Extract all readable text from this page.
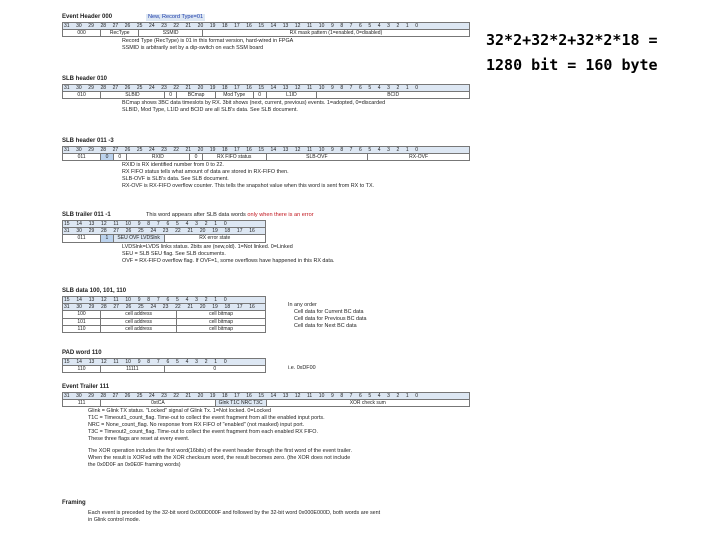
32*2+32*2+32*2*18 =
1280 bit = 160 byte
Event Header 000	New, Record Type=01
31 30 29 28 27 26 25 24 23 22 21 20 19 18 17 16 15 14 13 12 11 10 9 8 7 6 5 4 3 2 1 0
000	RecType	SSMID	RX mask pattern (1=enabled, 0=disabled)
Record Type (RecType) is 01 in this format version, hard-wired in FPGA
SSMID is arbitrarily set by a dip-switch on each SSM board
SLB header 010
31 30 29 28 27 26 25 24 23 22 21 20 19 18 17 16 15 14 13 12 11 10 9 8 7 6 5 4 3 2 1 0
010	SLBID	0	BCmap	Mod Type	0	L1ID	BCID
BCmap shows 3BC data timeslots by RX. 3bit shows (next, current, previous) events. 1=adopted, 0=discarded
SLBID, Mod Type, L1ID and BCID are all SLB's data. See SLB document.
SLB header 011 -3
31 30 29 28 27 26 25 24 23 22 21 20 19 18 17 16 15 14 13 12 11 10 9 8 7 6 5 4 3 2 1 0
011	0	0	RXID	0	RX FIFO status	SLB-OVF	RX-OVF
RXID is RX identified number from 0 to 22.
RX FIFO status tells what amount of data are stored in RX-FIFO then.
SLB-OVF is SLB's data. See SLB document.
RX-OVF is RX-FIFO overflow counter. This tells the snapshot value when this word is sent from RX to TX.
SLB trailer 011 -1	This word appears after SLB data words only when there is an error
15 14 13 12 11 10 9 8 7 6 5 4 3 2 1 0
31 30 29 28 27 26 25 24 23 22 21 20 19 18 17 16
011	1	SEU OVF LVDSlnk	RX error state
LVDSlnk=LVDS links status. 2bits are (new,old). 1=Not linked. 0=Linked
SEU = SLB SEU flag. See SLB documents.
OVF = RX-FIFO overflow flag. If OVF=1, some overflows have happened in this RX data.
SLB data 100, 101, 110
15 14 13 12 11 10 9 8 7 6 5 4 3 2 1 0		
31 30 29 28 27 26 25 24 23 22 21 20 19 18 17 16		
100	cell address	cell bitmap
101	cell address	cell bitmap
110	cell address	cell bitmap
In any order
Cell data for Current BC data
Cell data for Previous BC data
Cell data for Next BC data
PAD word 110
15 14 13 12 11 10 9 8 7 6 5 4 3 2 1 0
110	11111	0	i.e. 0xDF00
Event Trailer 111
31 30 29 28 27 26 25 24 23 22 21 20 19 18 17 16 15 14 13 12 11 10 9 8 7 6 5 4 3 2 1 0
111	0xtCA	Glnk T1C NRC T3C	XOR check sum
Glink = Glink TX status. "Locked" signal of Glink Tx. 1=Not locked. 0=Locked
T1C = Timeout1_count_flag. Time-out to collect the event fragment from all the enabled input ports.
NRC = None_count_flag. No response from RX FIFO of "enabled" (not masked) input port.
T3C = Timeout2_count_flag. Time-out to collect the event fragment from each enabled RX FIFO.
These three flags are reset at every event.
The XOR operation includes the first word(16bits) of the event header through the first word of the event trailer.
When the result is XOR'ed with the XOR checksum word, the result becomes zero. (the XOR does not include
the 0x0D0F an 0x0E0F framing words)
Framing
Each event is preceded by the 32-bit word 0x000D000F and followed by the 32-bit word 0x000E000D, both words are sent
in Glink control mode.
